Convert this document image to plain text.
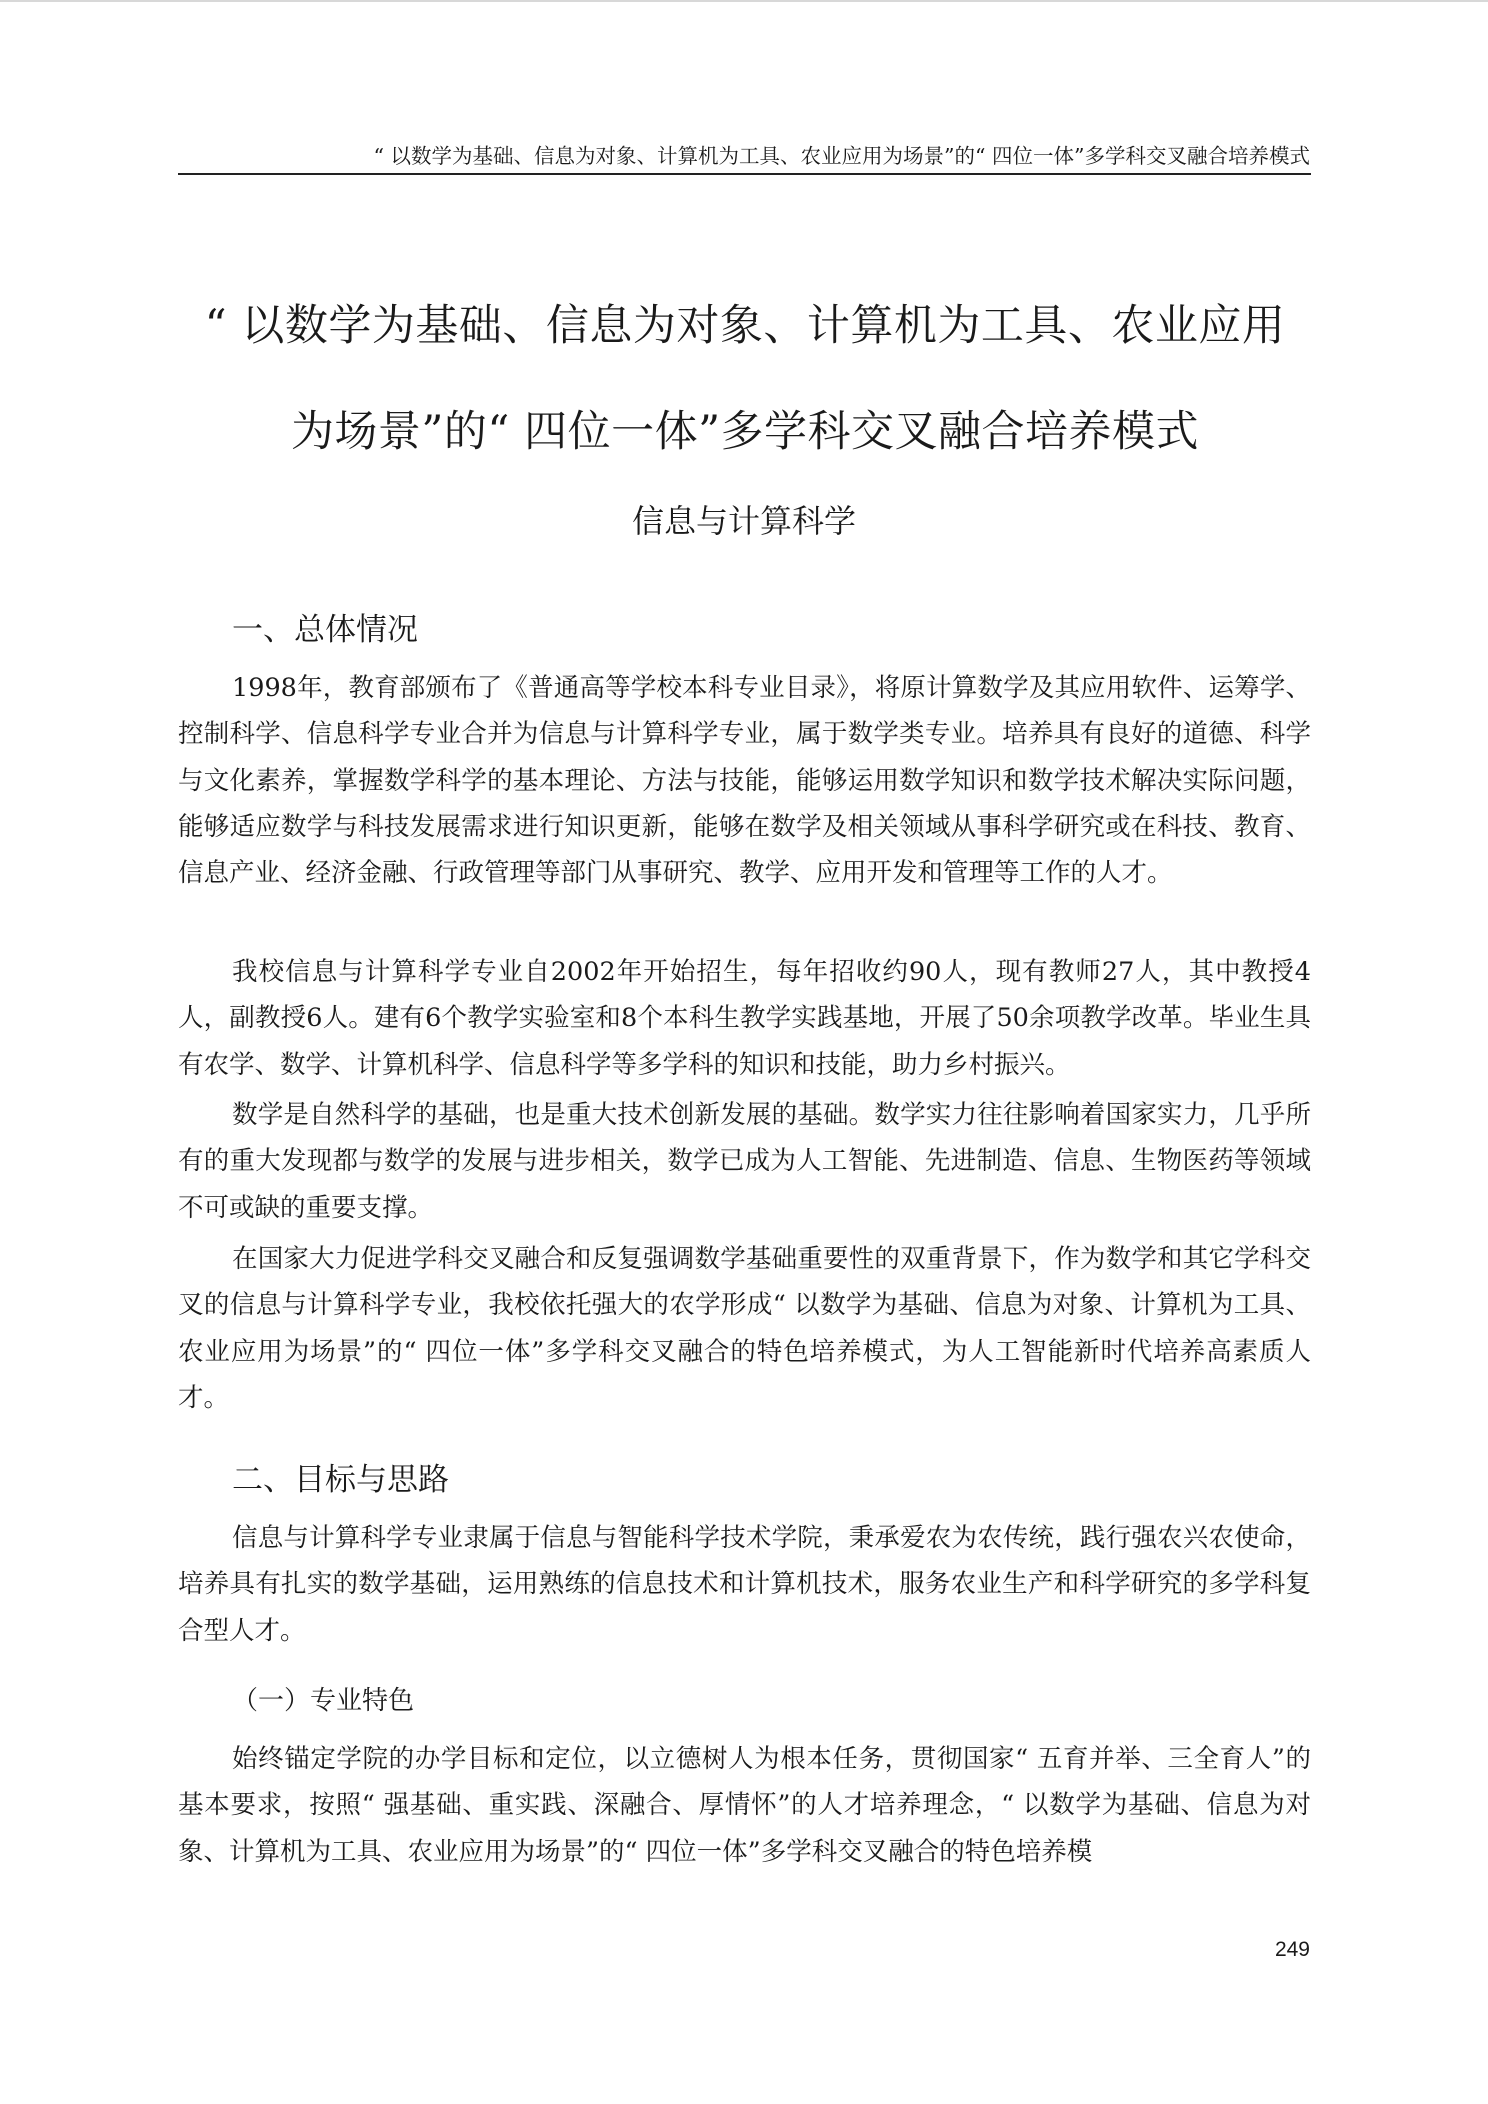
“ 以数学为基础、信息为对象、计算机为工具、农业应用为场景”的“ 四位一体”多学科交叉融合培养模式
“ 以数学为基础、信息为对象、计算机为工具、农业应用
为场景”的“ 四位一体”多学科交叉融合培养模式
信息与计算科学
一、总体情况

1998年，教育部颁布了《普通高等学校本科专业目录》，将原计算数学及其应用软件、运筹学、控制科学、信息科学专业合并为信息与计算科学专业，属于数学类专业。培养具有良好的道德、科学与文化素养，掌握数学科学的基本理论、方法与技能，能够运用数学知识和数学技术解决实际问题，能够适应数学与科技发展需求进行知识更新，能够在数学及相关领域从事科学研究或在科技、教育、信息产业、经济金融、行政管理等部门从事研究、教学、应用开发和管理等工作的人才。

我校信息与计算科学专业自2002年开始招生，每年招收约90人，现有教师27人，其中教授4人，副教授6人。建有6个教学实验室和8个本科生教学实践基地，开展了50余项教学改革。毕业生具有农学、数学、计算机科学、信息科学等多学科的知识和技能，助力乡村振兴。

数学是自然科学的基础，也是重大技术创新发展的基础。数学实力往往影响着国家实力，几乎所有的重大发现都与数学的发展与进步相关，数学已成为人工智能、先进制造、信息、生物医药等领域不可或缺的重要支撑。

在国家大力促进学科交叉融合和反复强调数学基础重要性的双重背景下，作为数学和其它学科交叉的信息与计算科学专业，我校依托强大的农学形成“ 以数学为基础、信息为对象、计算机为工具、农业应用为场景”的“ 四位一体”多学科交叉融合的特色培养模式，为人工智能新时代培养高素质人才。

二、目标与思路

信息与计算科学专业隶属于信息与智能科学技术学院，秉承爱农为农传统，践行强农兴农使命，培养具有扎实的数学基础，运用熟练的信息技术和计算机技术，服务农业生产和科学研究的多学科复合型人才。

（一）专业特色

始终锚定学院的办学目标和定位，以立德树人为根本任务，贯彻国家“ 五育并举、三全育人”的基本要求，按照“ 强基础、重实践、深融合、厚情怀”的人才培养理念，“ 以数学为基础、信息为对象、计算机为工具、农业应用为场景”的“ 四位一体”多学科交叉融合的特色培养模

249
